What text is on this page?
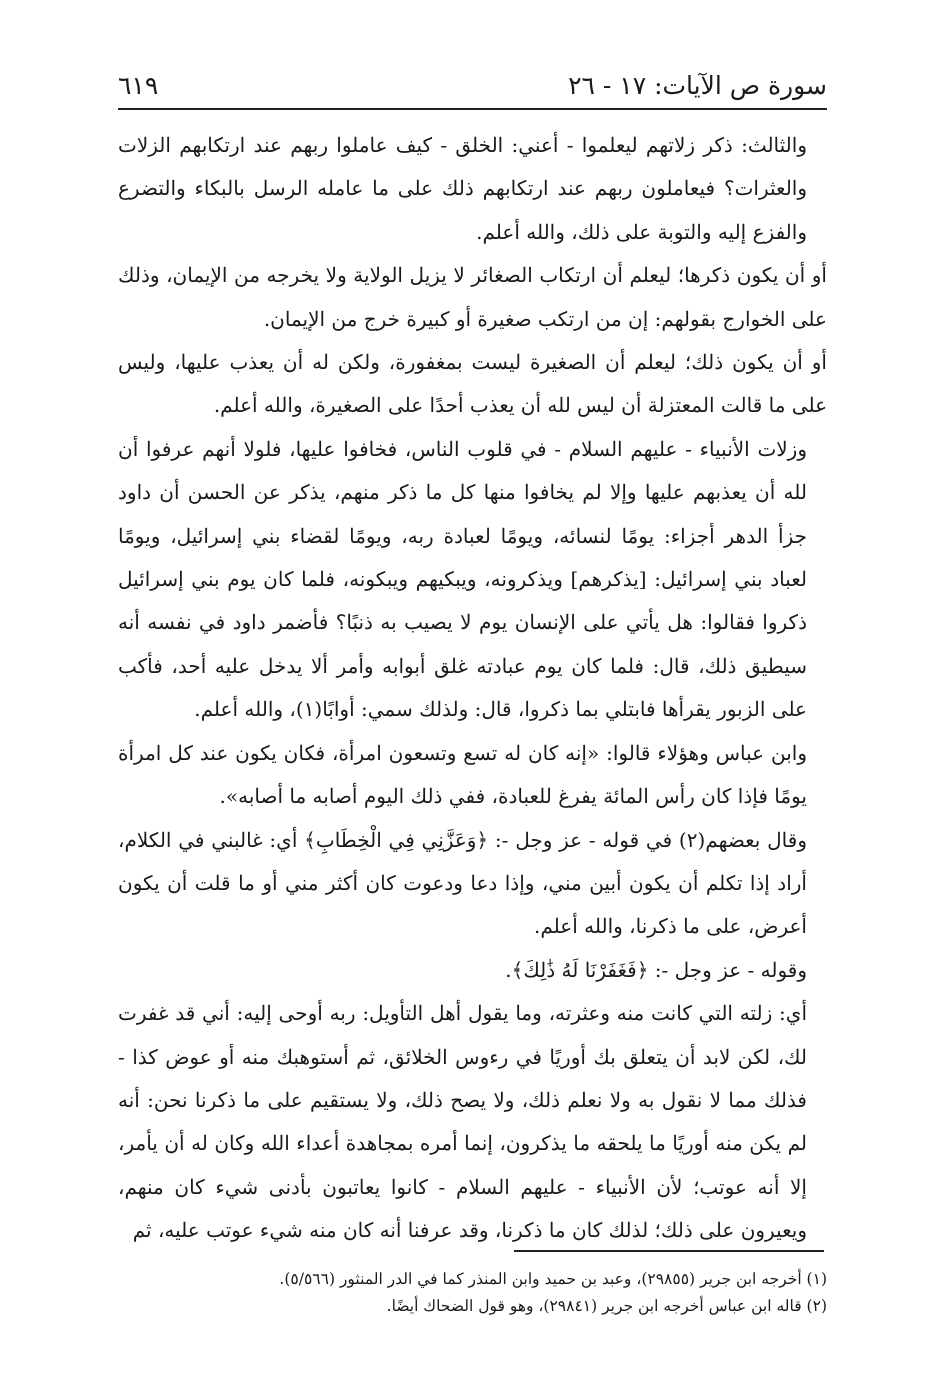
سورة ص الآيات: ١٧ - ٢٦
٦١٩

والثالث: ذكر زلاتهم ليعلموا - أعني: الخلق - كيف عاملوا ربهم عند ارتكابهم الزلات والعثرات؟ فيعاملون ربهم عند ارتكابهم ذلك على ما عامله الرسل بالبكاء والتضرع والفزع إليه والتوبة على ذلك، والله أعلم.

أو أن يكون ذكرها؛ ليعلم أن ارتكاب الصغائر لا يزيل الولاية ولا يخرجه من الإيمان، وذلك على الخوارج بقولهم: إن من ارتكب صغيرة أو كبيرة خرج من الإيمان.

أو أن يكون ذلك؛ ليعلم أن الصغيرة ليست بمغفورة، ولكن له أن يعذب عليها، وليس على ما قالت المعتزلة أن ليس لله أن يعذب أحدًا على الصغيرة، والله أعلم.

وزلات الأنبياء - عليهم السلام - في قلوب الناس، فخافوا عليها، فلولا أنهم عرفوا أن لله أن يعذبهم عليها وإلا لم يخافوا منها كل ما ذكر منهم، يذكر عن الحسن أن داود جزأ الدهر أجزاء: يومًا لنسائه، ويومًا لعبادة ربه، ويومًا لقضاء بني إسرائيل، ويومًا لعباد بني إسرائيل: [يذكرهم] ويذكرونه، ويبكيهم ويبكونه، فلما كان يوم بني إسرائيل ذكروا فقالوا: هل يأتي على الإنسان يوم لا يصيب به ذنبًا؟ فأضمر داود في نفسه أنه سيطيق ذلك، قال: فلما كان يوم عبادته غلق أبوابه وأمر ألا يدخل عليه أحد، فأكب على الزبور يقرأها فابتلي بما ذكروا، قال: ولذلك سمي: أوابًا(١)، والله أعلم.

وابن عباس وهؤلاء قالوا: «إنه كان له تسع وتسعون امرأة، فكان يكون عند كل امرأة يومًا فإذا كان رأس المائة يفرغ للعبادة، ففي ذلك اليوم أصابه ما أصابه».

وقال بعضهم(٢) في قوله - عز وجل -: ﴿وَعَزَّنِي فِي الْخِطَابِ﴾ أي: غالبني في الكلام، أراد إذا تكلم أن يكون أبين مني، وإذا دعا ودعوت كان أكثر مني أو ما قلت أن يكون أعرض، على ما ذكرنا، والله أعلم.

وقوله - عز وجل -: ﴿فَغَفَرْنَا لَهُ ذَٰلِكَ﴾.

أي: زلته التي كانت منه وعثرته، وما يقول أهل التأويل: ربه أوحى إليه: أني قد غفرت لك، لكن لابد أن يتعلق بك أوريًا في رءوس الخلائق، ثم أستوهبك منه أو عوض كذا - فذلك مما لا نقول به ولا نعلم ذلك، ولا يصح ذلك، ولا يستقيم على ما ذكرنا نحن: أنه لم يكن منه أوريًا ما يلحقه ما يذكرون، إنما أمره بمجاهدة أعداء الله وكان له أن يأمر، إلا أنه عوتب؛ لأن الأنبياء - عليهم السلام - كانوا يعاتبون بأدنى شيء كان منهم، ويعيرون على ذلك؛ لذلك كان ما ذكرنا، وقد عرفنا أنه كان منه شيء عوتب عليه، ثم

(١) أخرجه ابن جرير (٢٩٨٥٥)، وعبد بن حميد وابن المنذر كما في الدر المنثور (٥/٥٦٦).

(٢) قاله ابن عباس أخرجه ابن جرير (٢٩٨٤١)، وهو قول الضحاك أيضًا.
